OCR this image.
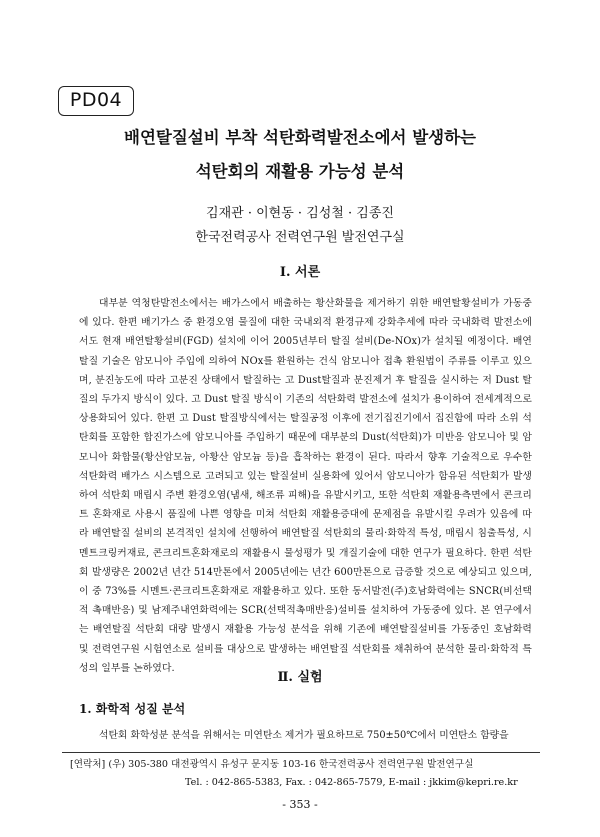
PD04
배연탈질설비 부착 석탄화력발전소에서 발생하는
석탄회의 재활용 가능성 분석
김재관 · 이현동 · 김성철 · 김종진
한국전력공사 전력연구원 발전연구실
Ⅰ. 서론
대부분 역청탄발전소에서는 배가스에서 배출하는 황산화물을 제거하기 위한 배연탈황설비가 가동중에 있다. 한편 배기가스 중 환경오염 물질에 대한 국내외적 환경규제 강화추세에 따라 국내화력 발전소에서도 현재 배연탈황설비(FGD) 설치에 이어 2005년부터 탈질 설비(De-NOx)가 설치될 예정이다. 배연탈질 기술은 암모니아 주입에 의하여 NOx를 환원하는 건식 암모니아 접촉 환원법이 주류를 이루고 있으며, 분진농도에 따라 고분진 상태에서 탈질하는 고 Dust탈질과 분진제거 후 탈질을 실시하는 저 Dust 탈질의 두가지 방식이 있다. 고 Dust 탈질 방식이 기존의 석탄화력 발전소에 설치가 용이하여 전세계적으로 상용화되어 있다. 한편 고 Dust 탈질방식에서는 탈질공정 이후에 전기집진기에서 집진함에 따라 소위 석탄회를 포함한 합진가스에 암모니아를 주입하기 때문에 대부분의 Dust(석탄회)가 미반응 암모니아 및 암모니아 화합물(황산암모늄, 아황산 암모늄 등)을 흡착하는 환경이 된다. 따라서 향후 기술적으로 우수한 석탄화력 배가스 시스템으로 고려되고 있는 탈질설비 실용화에 있어서 암모니아가 함유된 석탄회가 발생하여 석탄회 매립시 주변 환경오염(냄새, 해조류 피해)을 유발시키고, 또한 석탄회 재활용측면에서 콘크리트 혼화재로 사용시 품질에 나쁜 영향을 미쳐 석탄회 재활용증대에 문제점을 유발시킬 우려가 있음에 따라 배연탈질 설비의 본격적인 설치에 선행하여 배연탈질 석탄회의 물리·화학적 특성, 매립시 침출특성, 시멘트크링커재료, 콘크리트혼화재로의 재활용시 물성평가 및 개질기술에 대한 연구가 필요하다. 한편 석탄회 발생량은 2002년 년간 514만톤에서 2005년에는 년간 600만톤으로 급증할 것으로 예상되고 있으며, 이 중 73%를 시멘트·콘크리트혼화재로 재활용하고 있다. 또한 동서발전(주)호남화력에는 SNCR(비선택적 촉매반응) 및 남제주내연화력에는 SCR(선택적촉매반응)설비를 설치하여 가동중에 있다. 본 연구에서는 배연탈질 석탄회 대량 발생시 재활용 가능성 분석을 위해 기존에 배연탈질설비를 가동중인 호남화력 및 전력연구원 시험연소로 설비를 대상으로 발생하는 배연탈질 석탄회를 채취하여 분석한 물리·화학적 특성의 일부를 논하였다.
Ⅱ. 실험
1. 화학적 성질 분석
석탄회 화학성분 분석을 위해서는 미연탄소 제거가 필요하므로 750±50℃에서 미연탄소 함량을
[연락처] (우) 305-380 대전광역시 유성구 문지동 103-16 한국전력공사 전력연구원 발전연구실
Tel. : 042-865-5383, Fax. : 042-865-7579, E-mail : jkkim@kepri.re.kr
- 353 -
